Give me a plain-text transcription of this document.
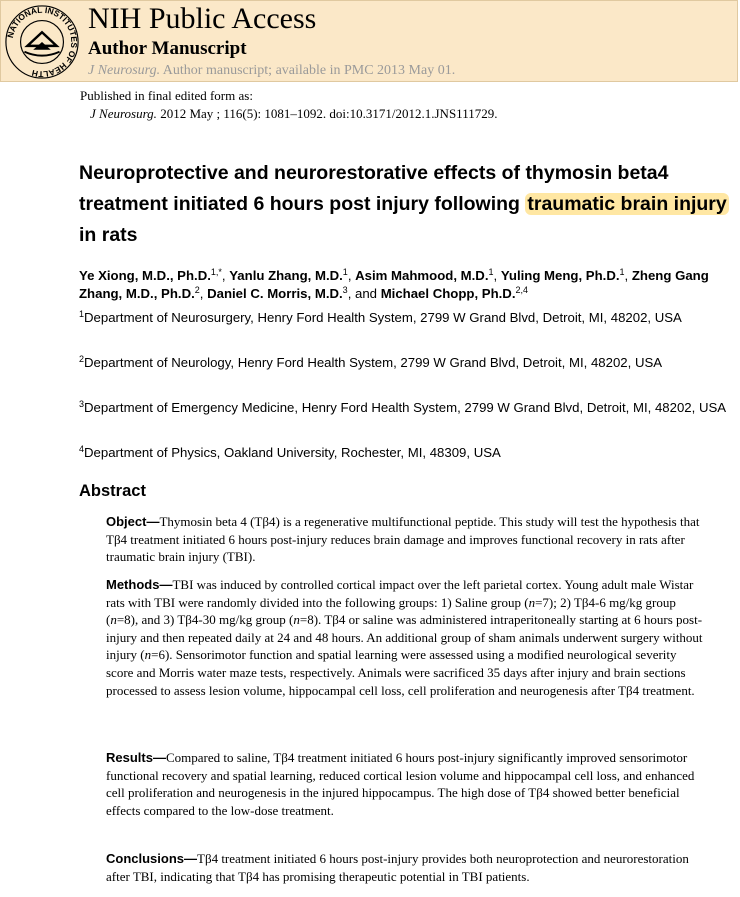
NATIONAL INSTITUTES OF HEALTH
NIH Public Access
Author Manuscript
J Neurosurg. Author manuscript; available in PMC 2013 May 01.
Published in final edited form as:
J Neurosurg. 2012 May ; 116(5): 1081–1092. doi:10.3171/2012.1.JNS111729.
Neuroprotective and neurorestorative effects of thymosin beta4 treatment initiated 6 hours post injury following traumatic brain injury in rats
Ye Xiong, M.D., Ph.D.$^{1,*}$, Yanlu Zhang, M.D.$^1$, Asim Mahmood, M.D.$^1$, Yuling Meng, Ph.D.$^1$, Zheng Gang Zhang, M.D., Ph.D.$^2$, Daniel C. Morris, M.D.$^3$, and Michael Chopp, Ph.D.$^{2,4}$
$^1$Department of Neurosurgery, Henry Ford Health System, 2799 W Grand Blvd, Detroit, MI, 48202, USA
$^2$Department of Neurology, Henry Ford Health System, 2799 W Grand Blvd, Detroit, MI, 48202, USA
$^3$Department of Emergency Medicine, Henry Ford Health System, 2799 W Grand Blvd, Detroit, MI, 48202, USA
$^4$Department of Physics, Oakland University, Rochester, MI, 48309, USA
Abstract
Object—Thymosin beta 4 (Tβ4) is a regenerative multifunctional peptide. This study will test the hypothesis that Tβ4 treatment initiated 6 hours post-injury reduces brain damage and improves functional recovery in rats after traumatic brain injury (TBI).
Methods—TBI was induced by controlled cortical impact over the left parietal cortex. Young adult male Wistar rats with TBI were randomly divided into the following groups: 1) Saline group (n=7); 2) Tβ4-6 mg/kg group (n=8), and 3) Tβ4-30 mg/kg group (n=8). Tβ4 or saline was administered intraperitoneally starting at 6 hours post-injury and then repeated daily at 24 and 48 hours. An additional group of sham animals underwent surgery without injury (n=6). Sensorimotor function and spatial learning were assessed using a modified neurological severity score and Morris water maze tests, respectively. Animals were sacrificed 35 days after injury and brain sections processed to assess lesion volume, hippocampal cell loss, cell proliferation and neurogenesis after Tβ4 treatment.
Results—Compared to saline, Tβ4 treatment initiated 6 hours post-injury significantly improved sensorimotor functional recovery and spatial learning, reduced cortical lesion volume and hippocampal cell loss, and enhanced cell proliferation and neurogenesis in the injured hippocampus. The high dose of Tβ4 showed better beneficial effects compared to the low-dose treatment.
Conclusions—Tβ4 treatment initiated 6 hours post-injury provides both neuroprotection and neurorestoration after TBI, indicating that Tβ4 has promising therapeutic potential in TBI patients.
